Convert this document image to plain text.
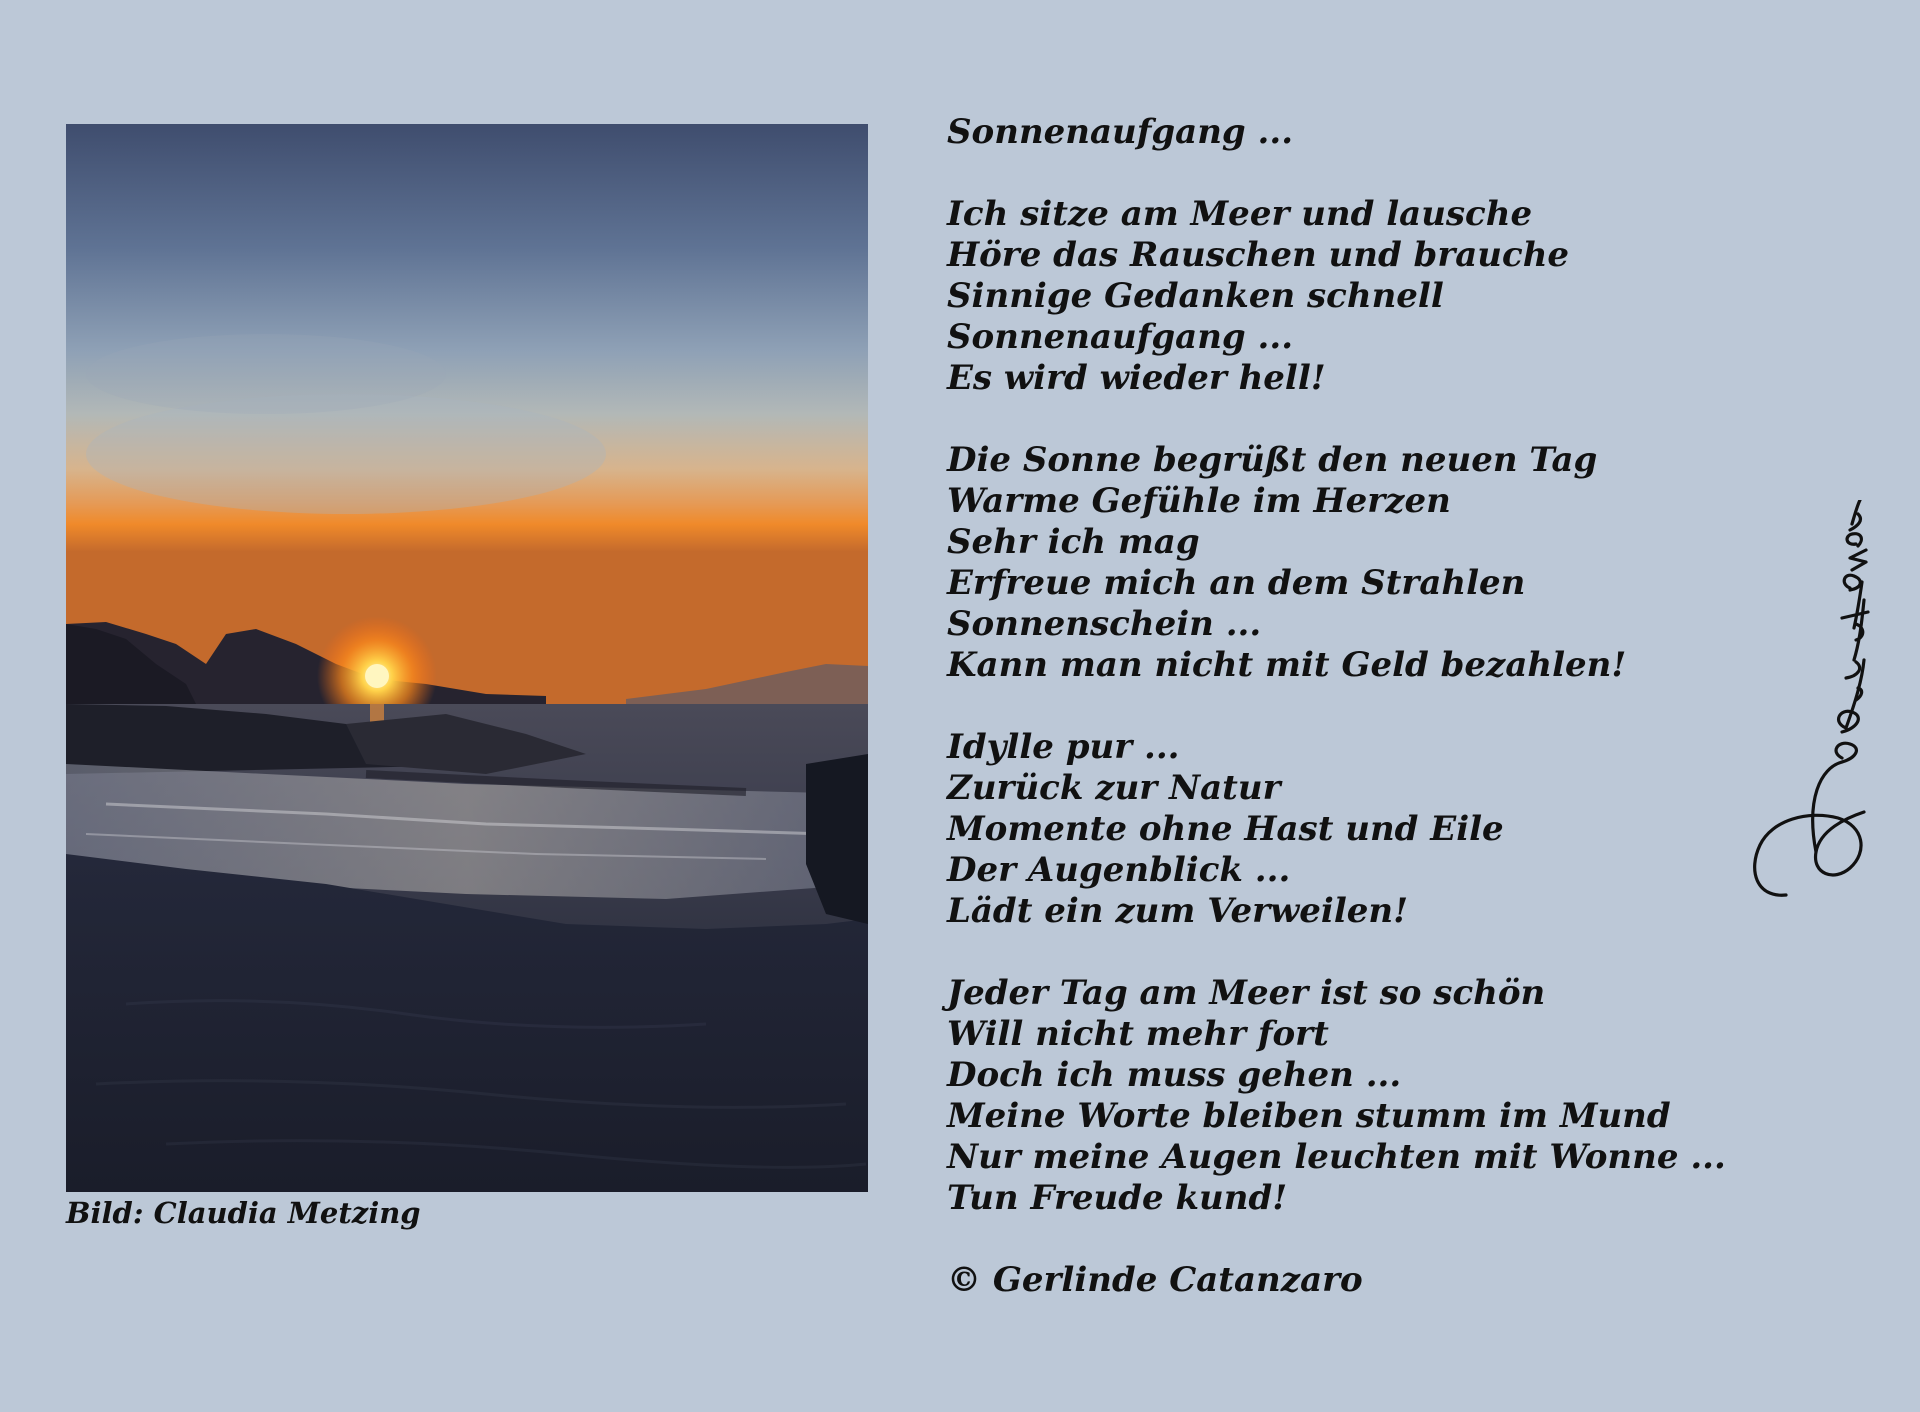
Bild: Claudia Metzing
Sonnenaufgang ...
Ich sitze am Meer und lausche
Höre das Rauschen und brauche
Sinnige Gedanken schnell
Sonnenaufgang ...
Es wird wieder hell!
Die Sonne begrüßt den neuen Tag
Warme Gefühle im Herzen
Sehr ich mag
Erfreue mich an dem Strahlen
Sonnenschein ...
Kann man nicht mit Geld bezahlen!
Idylle pur ...
Zurück zur Natur
Momente ohne Hast und Eile
Der Augenblick ...
Lädt ein zum Verweilen!
Jeder Tag am Meer ist so schön
Will nicht mehr fort
Doch ich muss gehen ...
Meine Worte bleiben stumm im Mund
Nur meine Augen leuchten mit Wonne ...
Tun Freude kund!
© Gerlinde Catanzaro
